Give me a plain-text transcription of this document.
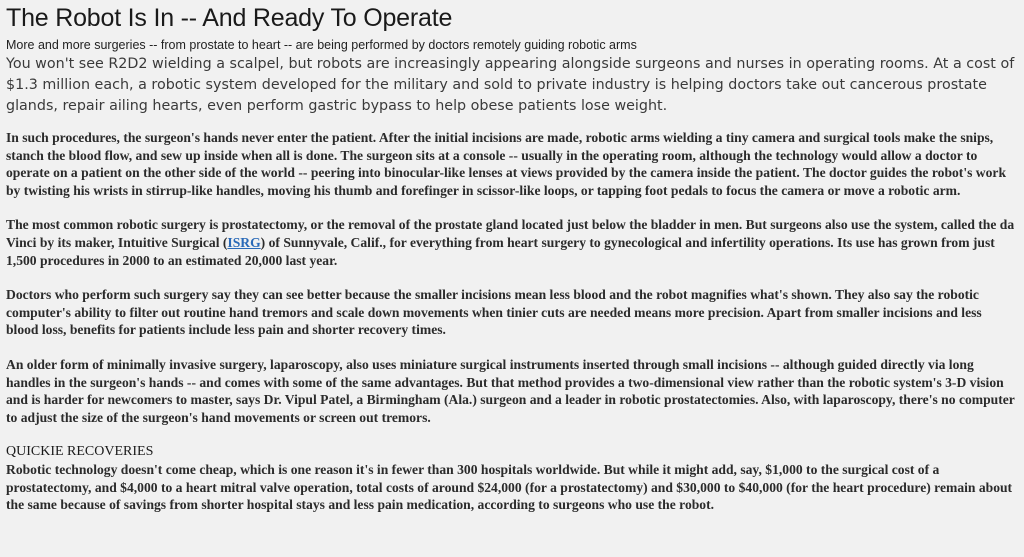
The Robot Is In -- And Ready To Operate
More and more surgeries -- from prostate to heart -- are being performed by doctors remotely guiding robotic arms
You won't see R2D2 wielding a scalpel, but robots are increasingly appearing alongside surgeons and nurses in operating rooms. At a cost of $1.3 million each, a robotic system developed for the military and sold to private industry is helping doctors take out cancerous prostate glands, repair ailing hearts, even perform gastric bypass to help obese patients lose weight.

In such procedures, the surgeon's hands never enter the patient. After the initial incisions are made, robotic arms wielding a tiny camera and surgical tools make the snips, stanch the blood flow, and sew up inside when all is done. The surgeon sits at a console -- usually in the operating room, although the technology would allow a doctor to operate on a patient on the other side of the world -- peering into binocular-like lenses at views provided by the camera inside the patient. The doctor guides the robot's work by twisting his wrists in stirrup-like handles, moving his thumb and forefinger in scissor-like loops, or tapping foot pedals to focus the camera or move a robotic arm.

The most common robotic surgery is prostatectomy, or the removal of the prostate gland located just below the bladder in men. But surgeons also use the system, called the da Vinci by its maker, Intuitive Surgical (ISRG) of Sunnyvale, Calif., for everything from heart surgery to gynecological and infertility operations. Its use has grown from just 1,500 procedures in 2000 to an estimated 20,000 last year.

Doctors who perform such surgery say they can see better because the smaller incisions mean less blood and the robot magnifies what's shown. They also say the robotic computer's ability to filter out routine hand tremors and scale down movements when tinier cuts are needed means more precision. Apart from smaller incisions and less blood loss, benefits for patients include less pain and shorter recovery times.

An older form of minimally invasive surgery, laparoscopy, also uses miniature surgical instruments inserted through small incisions -- although guided directly via long handles in the surgeon's hands -- and comes with some of the same advantages. But that method provides a two-dimensional view rather than the robotic system's 3-D vision and is harder for newcomers to master, says Dr. Vipul Patel, a Birmingham (Ala.) surgeon and a leader in robotic prostatectomies. Also, with laparoscopy, there's no computer to adjust the size of the surgeon's hand movements or screen out tremors.

QUICKIE RECOVERIES

Robotic technology doesn't come cheap, which is one reason it's in fewer than 300 hospitals worldwide. But while it might add, say, $1,000 to the surgical cost of a prostatectomy, and $4,000 to a heart mitral valve operation, total costs of around $24,000 (for a prostatectomy) and $30,000 to $40,000 (for the heart procedure) remain about the same because of savings from shorter hospital stays and less pain medication, according to surgeons who use the robot.
